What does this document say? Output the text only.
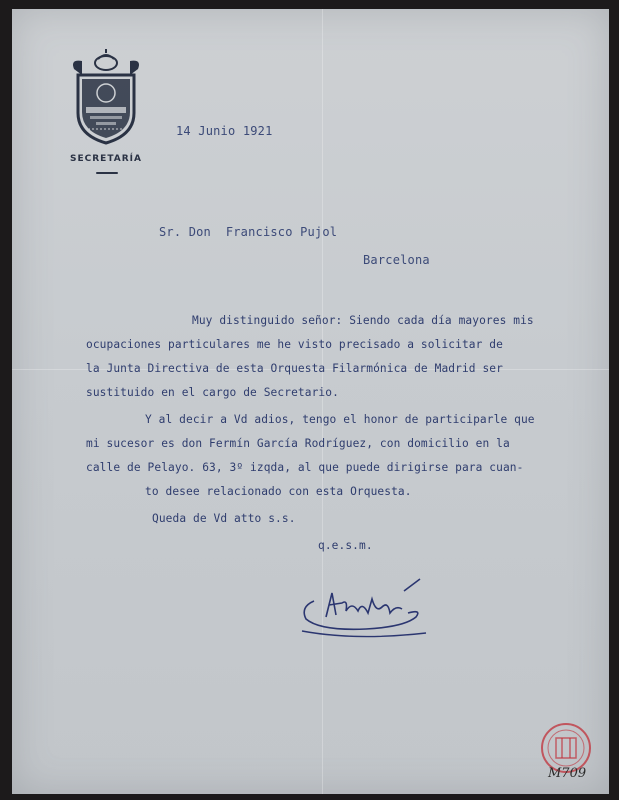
SECRETARÍA
14 Junio 1921
Sr. Don  Francisco Pujol
Barcelona
Muy distinguido señor: Siendo cada día mayores mis
ocupaciones particulares me he visto precisado a solicitar de
la Junta Directiva de esta Orquesta Filarmónica de Madrid ser
sustituido en el cargo de Secretario.
Y al decir a Vd adios, tengo el honor de participarle que
mi sucesor es don Fermín García Rodríguez, con domicilio en la
calle de Pelayo. 63, 3º izqda, al que puede dirigirse para cuan-
to desee relacionado con esta Orquesta.
Queda de Vd atto s.s.
q.e.s.m.
M709
